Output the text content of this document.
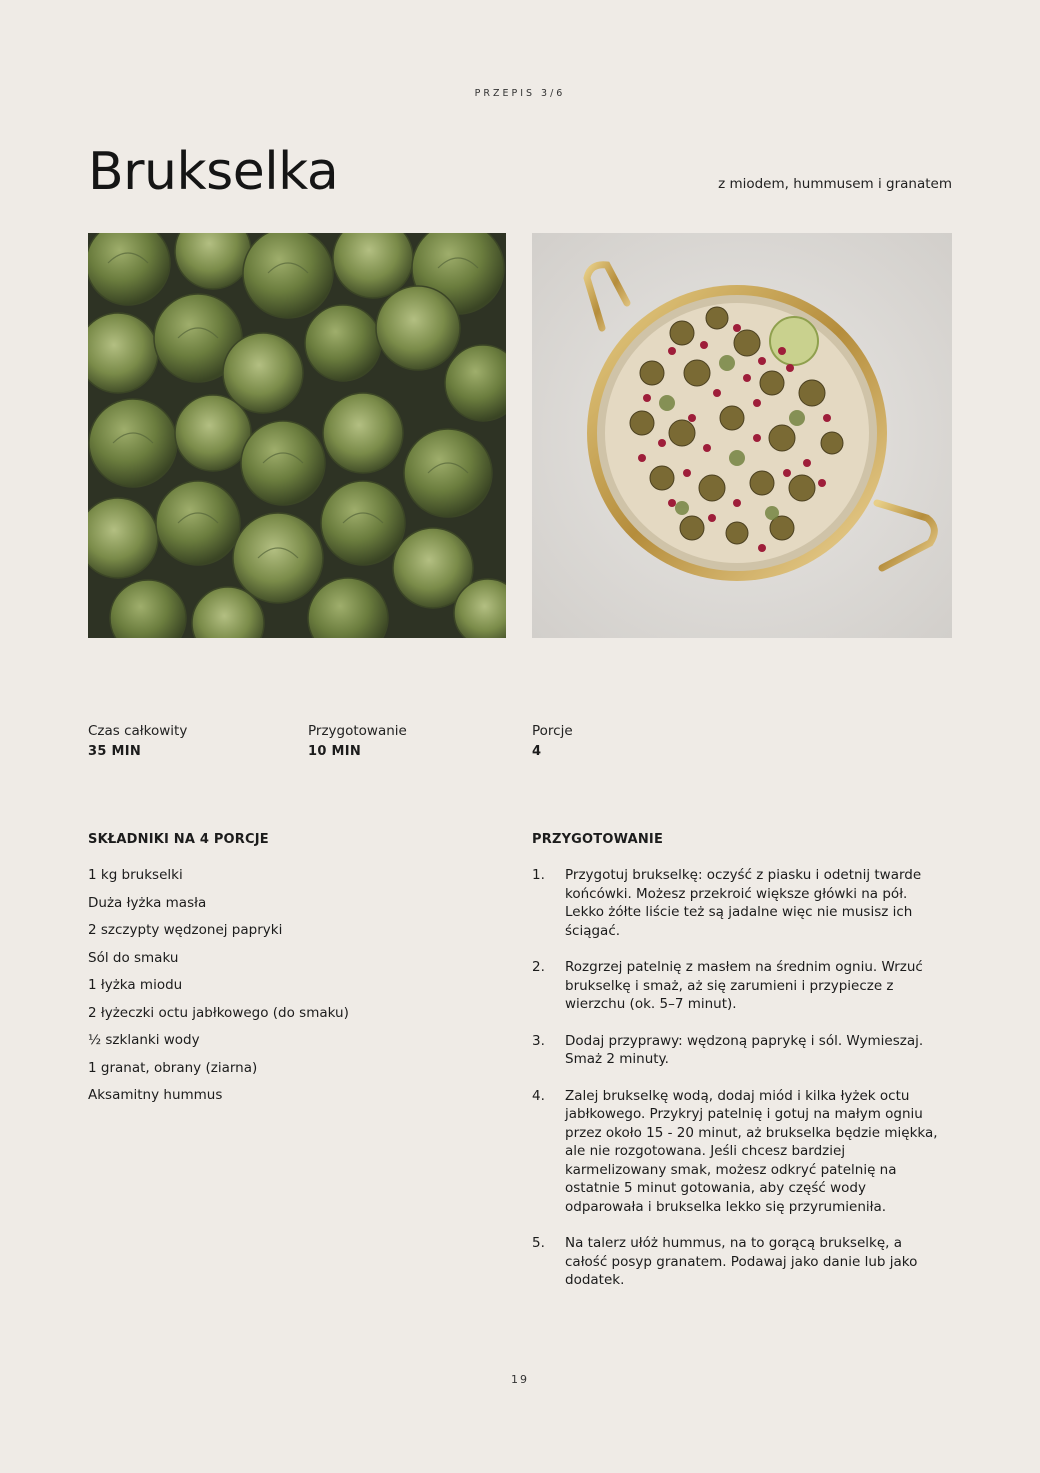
PRZEPIS 3/6
Brukselka	z miodem, hummusem i granatem
Czas całkowity
35 MIN
Przygotowanie
10 MIN
Porcje
4
SKŁADNIKI NA 4 PORCJE
1 kg brukselki
Duża łyżka masła
2 szczypty wędzonej papryki
Sól do smaku
1 łyżka miodu
2 łyżeczki octu jabłkowego (do smaku)
½ szklanki wody
1 granat, obrany (ziarna)
Aksamitny hummus
PRZYGOTOWANIE
1.	Przygotuj brukselkę: oczyść z piasku i odetnij twarde końcówki. Możesz przekroić większe główki na pół. Lekko żółte liście też są jadalne więc nie musisz ich ściągać.
2.	Rozgrzej patelnię z masłem na średnim ogniu. Wrzuć brukselkę i smaż, aż się zarumieni i przypiecze z wierzchu (ok. 5–7 minut).
3.	Dodaj przyprawy: wędzoną paprykę i sól. Wymieszaj. Smaż 2 minuty.
4.	Zalej brukselkę wodą, dodaj miód i kilka łyżek octu jabłkowego. Przykryj patelnię i gotuj na małym ogniu przez około 15 - 20 minut, aż brukselka będzie miękka, ale nie rozgotowana. Jeśli chcesz bardziej karmelizowany smak, możesz odkryć patelnię na ostatnie 5 minut gotowania, aby część wody odparowała i brukselka lekko się przyrumieniła.
5.	Na talerz ułóż hummus, na to gorącą brukselkę, a całość posyp granatem. Podawaj jako danie lub jako dodatek.
19
